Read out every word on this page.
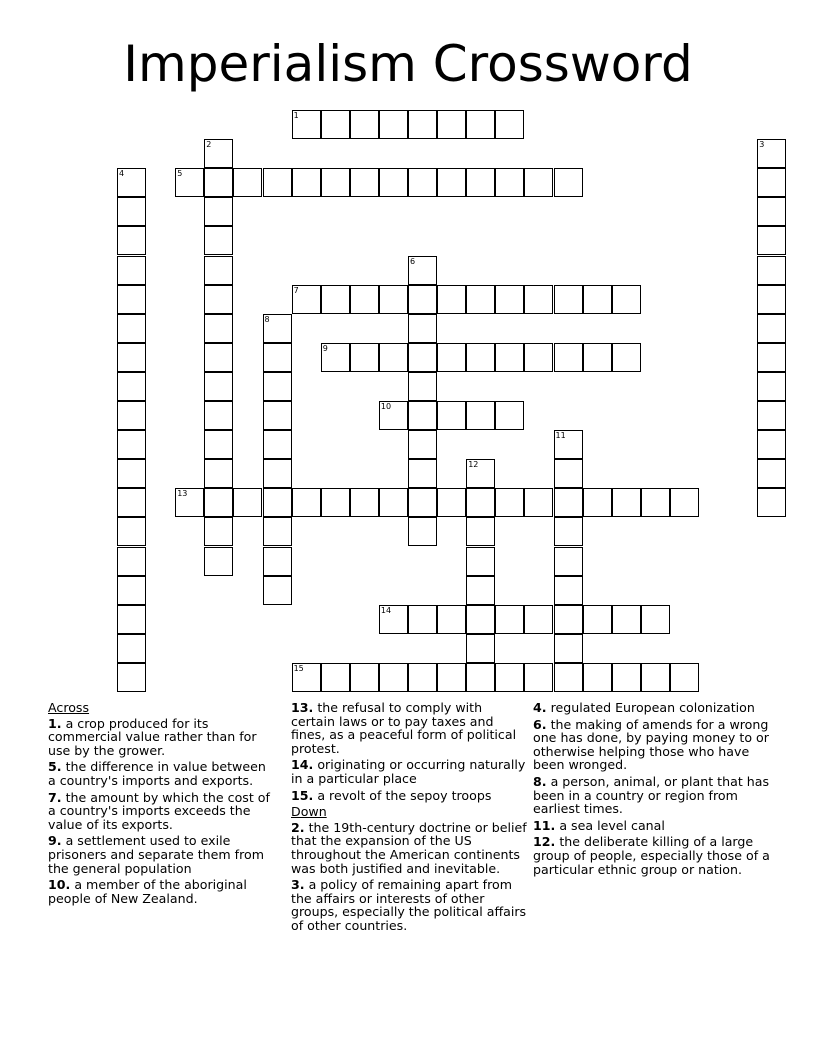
Imperialism Crossword
1
2	3
4	5
6
7
8
9
10
11
12
13
14
15
Across
1. a crop produced for its commercial value rather than for use by the grower.
5. the difference in value between a country's imports and exports.
7. the amount by which the cost of a country's imports exceeds the value of its exports.
9. a settlement used to exile prisoners and separate them from the general population
10. a member of the aboriginal people of New Zealand.
13. the refusal to comply with certain laws or to pay taxes and fines, as a peaceful form of political protest.
14. originating or occurring naturally in a particular place
15. a revolt of the sepoy troops
Down
2. the 19th-century doctrine or belief that the expansion of the US throughout the American continents was both justified and inevitable.
3. a policy of remaining apart from the affairs or interests of other groups, especially the political affairs of other countries.
4. regulated European colonization
6. the making of amends for a wrong one has done, by paying money to or otherwise helping those who have been wronged.
8. a person, animal, or plant that has been in a country or region from earliest times.
11. a sea level canal
12. the deliberate killing of a large group of people, especially those of a particular ethnic group or nation.
